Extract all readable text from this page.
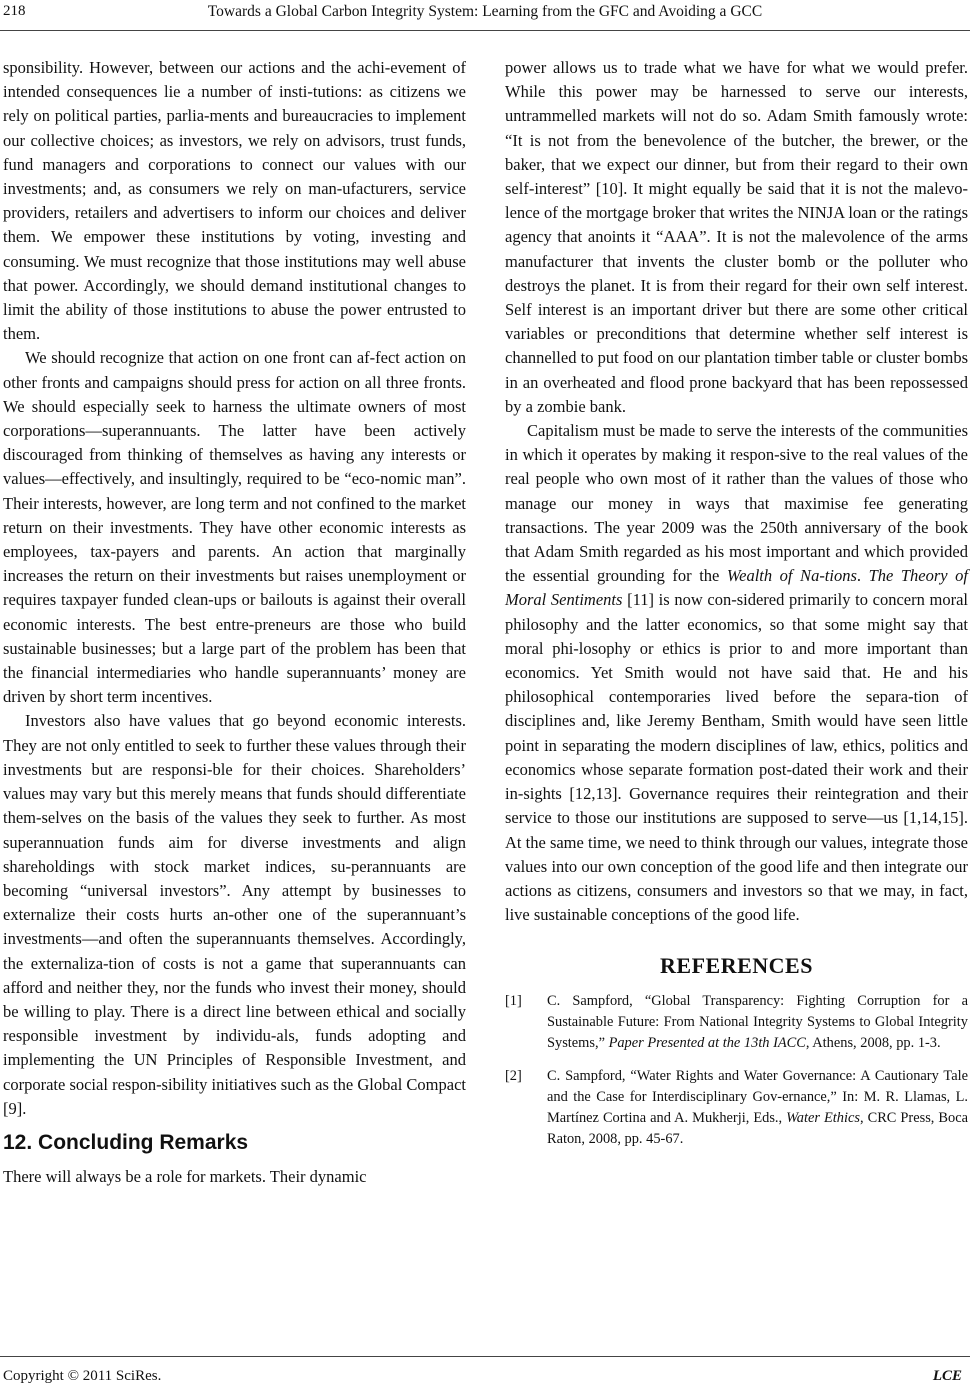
218	Towards a Global Carbon Integrity System: Learning from the GFC and Avoiding a GCC

sponsibility. However, between our actions and the achi-evement of intended consequences lie a number of insti-tutions: as citizens we rely on political parties, parlia-ments and bureaucracies to implement our collective choices; as investors, we rely on advisors, trust funds, fund managers and corporations to connect our values with our investments; and, as consumers we rely on man-ufacturers, service providers, retailers and advertisers to inform our choices and deliver them. We empower these institutions by voting, investing and consuming. We must recognize that those institutions may well abuse that power. Accordingly, we should demand institutional changes to limit the ability of those institutions to abuse the power entrusted to them.

We should recognize that action on one front can af-fect action on other fronts and campaigns should press for action on all three fronts. We should especially seek to harness the ultimate owners of most corporations—superannuants. The latter have been actively discouraged from thinking of themselves as having any interests or values—effectively, and insultingly, required to be “eco-nomic man”. Their interests, however, are long term and not confined to the market return on their investments. They have other economic interests as employees, tax-payers and parents. An action that marginally increases the return on their investments but raises unemployment or requires taxpayer funded clean-ups or bailouts is against their overall economic interests. The best entre-preneurs are those who build sustainable businesses; but a large part of the problem has been that the financial intermediaries who handle superannuants’ money are driven by short term incentives.

Investors also have values that go beyond economic interests. They are not only entitled to seek to further these values through their investments but are responsi-ble for their choices. Shareholders’ values may vary but this merely means that funds should differentiate them-selves on the basis of the values they seek to further. As most superannuation funds aim for diverse investments and align shareholdings with stock market indices, su-perannuants are becoming “universal investors”. Any attempt by businesses to externalize their costs hurts an-other one of the superannuant’s investments—and often the superannuants themselves. Accordingly, the externaliza-tion of costs is not a game that superannuants can afford and neither they, nor the funds who invest their money, should be willing to play. There is a direct line between ethical and socially responsible investment by individu-als, funds adopting and implementing the UN Principles of Responsible Investment, and corporate social respon-sibility initiatives such as the Global Compact [9].

12. Concluding Remarks

There will always be a role for markets. Their dynamic

power allows us to trade what we have for what we would prefer. While this power may be harnessed to serve our interests, untrammelled markets will not do so. Adam Smith famously wrote: “It is not from the benevolence of the butcher, the brewer, or the baker, that we expect our dinner, but from their regard to their own self-interest” [10]. It might equally be said that it is not the malevo-lence of the mortgage broker that writes the NINJA loan or the ratings agency that anoints it “AAA”. It is not the malevolence of the arms manufacturer that invents the cluster bomb or the polluter who destroys the planet. It is from their regard for their own self interest. Self interest is an important driver but there are some other critical variables or preconditions that determine whether self interest is channelled to put food on our plantation timber table or cluster bombs in an overheated and flood prone backyard that has been repossessed by a zombie bank.

Capitalism must be made to serve the interests of the communities in which it operates by making it respon-sive to the real values of the real people who own most of it rather than the values of those who manage our money in ways that maximise fee generating transactions. The year 2009 was the 250th anniversary of the book that Adam Smith regarded as his most important and which provided the essential grounding for the Wealth of Na-tions. The Theory of Moral Sentiments [11] is now con-sidered primarily to concern moral philosophy and the latter economics, so that some might say that moral phi-losophy or ethics is prior to and more important than economics. Yet Smith would not have said that. He and his philosophical contemporaries lived before the separa-tion of disciplines and, like Jeremy Bentham, Smith would have seen little point in separating the modern disciplines of law, ethics, politics and economics whose separate formation post-dated their work and their in-sights [12,13]. Governance requires their reintegration and their service to those our institutions are supposed to serve—us [1,14,15]. At the same time, we need to think through our values, integrate those values into our own conception of the good life and then integrate our actions as citizens, consumers and investors so that we may, in fact, live sustainable conceptions of the good life.

REFERENCES
[1]	C. Sampford, “Global Transparency: Fighting Corruption for a Sustainable Future: From National Integrity Systems to Global Integrity Systems,” Paper Presented at the 13th IACC, Athens, 2008, pp. 1-3.
[2]	C. Sampford, “Water Rights and Water Governance: A Cautionary Tale and the Case for Interdisciplinary Gov-ernance,” In: M. R. Llamas, L. Martínez Cortina and A. Mukherji, Eds., Water Ethics, CRC Press, Boca Raton, 2008, pp. 45-67.
Copyright © 2011 SciRes.	LCE
